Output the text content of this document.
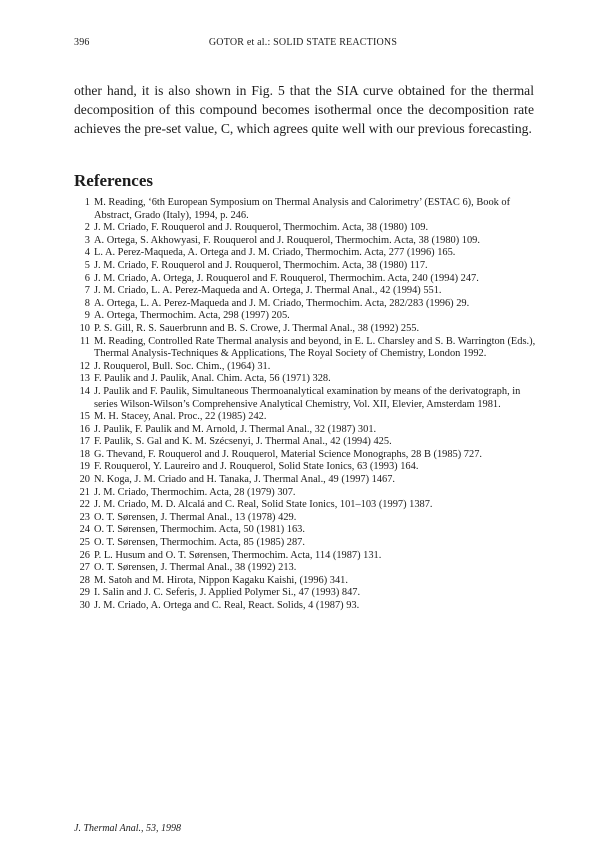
396	GOTOR et al.: SOLID STATE REACTIONS

other hand, it is also shown in Fig. 5 that the SIA curve obtained for the thermal decomposition of this compound becomes isothermal once the decomposition rate achieves the pre-set value, C, which agrees quite well with our previous forecasting.

References
1 M. Reading, ‘6th European Symposium on Thermal Analysis and Calorimetry’ (ESTAC 6), Book of Abstract, Grado (Italy), 1994, p. 246.
2 J. M. Criado, F. Rouquerol and J. Rouquerol, Thermochim. Acta, 38 (1980) 109.
3 A. Ortega, S. Akhowyasi, F. Rouquerol and J. Rouquerol, Thermochim. Acta, 38 (1980) 109.
4 L. A. Perez-Maqueda, A. Ortega and J. M. Criado, Thermochim. Acta, 277 (1996) 165.
5 J. M. Criado, F. Rouquerol and J. Rouquerol, Thermochim. Acta, 38 (1980) 117.
6 J. M. Criado, A. Ortega, J. Rouquerol and F. Rouquerol, Thermochim. Acta, 240 (1994) 247.
7 J. M. Criado, L. A. Perez-Maqueda and A. Ortega, J. Thermal Anal., 42 (1994) 551.
8 A. Ortega, L. A. Perez-Maqueda and J. M. Criado, Thermochim. Acta, 282/283 (1996) 29.
9 A. Ortega, Thermochim. Acta, 298 (1997) 205.
10 P. S. Gill, R. S. Sauerbrunn and B. S. Crowe, J. Thermal Anal., 38 (1992) 255.
11 M. Reading, Controlled Rate Thermal analysis and beyond, in E. L. Charsley and S. B. Warrington (Eds.), Thermal Analysis-Techniques & Applications, The Royal Society of Chemistry, London 1992.
12 J. Rouquerol, Bull. Soc. Chim., (1964) 31.
13 F. Paulik and J. Paulik, Anal. Chim. Acta, 56 (1971) 328.
14 J. Paulik and F. Paulik, Simultaneous Thermoanalytical examination by means of the derivatograph, in series Wilson-Wilson’s Comprehensive Analytical Chemistry, Vol. XII, Elevier, Amsterdam 1981.
15 M. H. Stacey, Anal. Proc., 22 (1985) 242.
16 J. Paulik, F. Paulik and M. Arnold, J. Thermal Anal., 32 (1987) 301.
17 F. Paulik, S. Gal and K. M. Szécsenyi, J. Thermal Anal., 42 (1994) 425.
18 G. Thevand, F. Rouquerol and J. Rouquerol, Material Science Monographs, 28 B (1985) 727.
19 F. Rouquerol, Y. Laureiro and J. Rouquerol, Solid State Ionics, 63 (1993) 164.
20 N. Koga, J. M. Criado and H. Tanaka, J. Thermal Anal., 49 (1997) 1467.
21 J. M. Criado, Thermochim. Acta, 28 (1979) 307.
22 J. M. Criado, M. D. Alcalá and C. Real, Solid State Ionics, 101–103 (1997) 1387.
23 O. T. Sørensen, J. Thermal Anal., 13 (1978) 429.
24 O. T. Sørensen, Thermochim. Acta, 50 (1981) 163.
25 O. T. Sørensen, Thermochim. Acta, 85 (1985) 287.
26 P. L. Husum and O. T. Sørensen, Thermochim. Acta, 114 (1987) 131.
27 O. T. Sørensen, J. Thermal Anal., 38 (1992) 213.
28 M. Satoh and M. Hirota, Nippon Kagaku Kaishi, (1996) 341.
29 I. Salin and J. C. Seferis, J. Applied Polymer Si., 47 (1993) 847.
30 J. M. Criado, A. Ortega and C. Real, React. Solids, 4 (1987) 93.
J. Thermal Anal., 53, 1998
